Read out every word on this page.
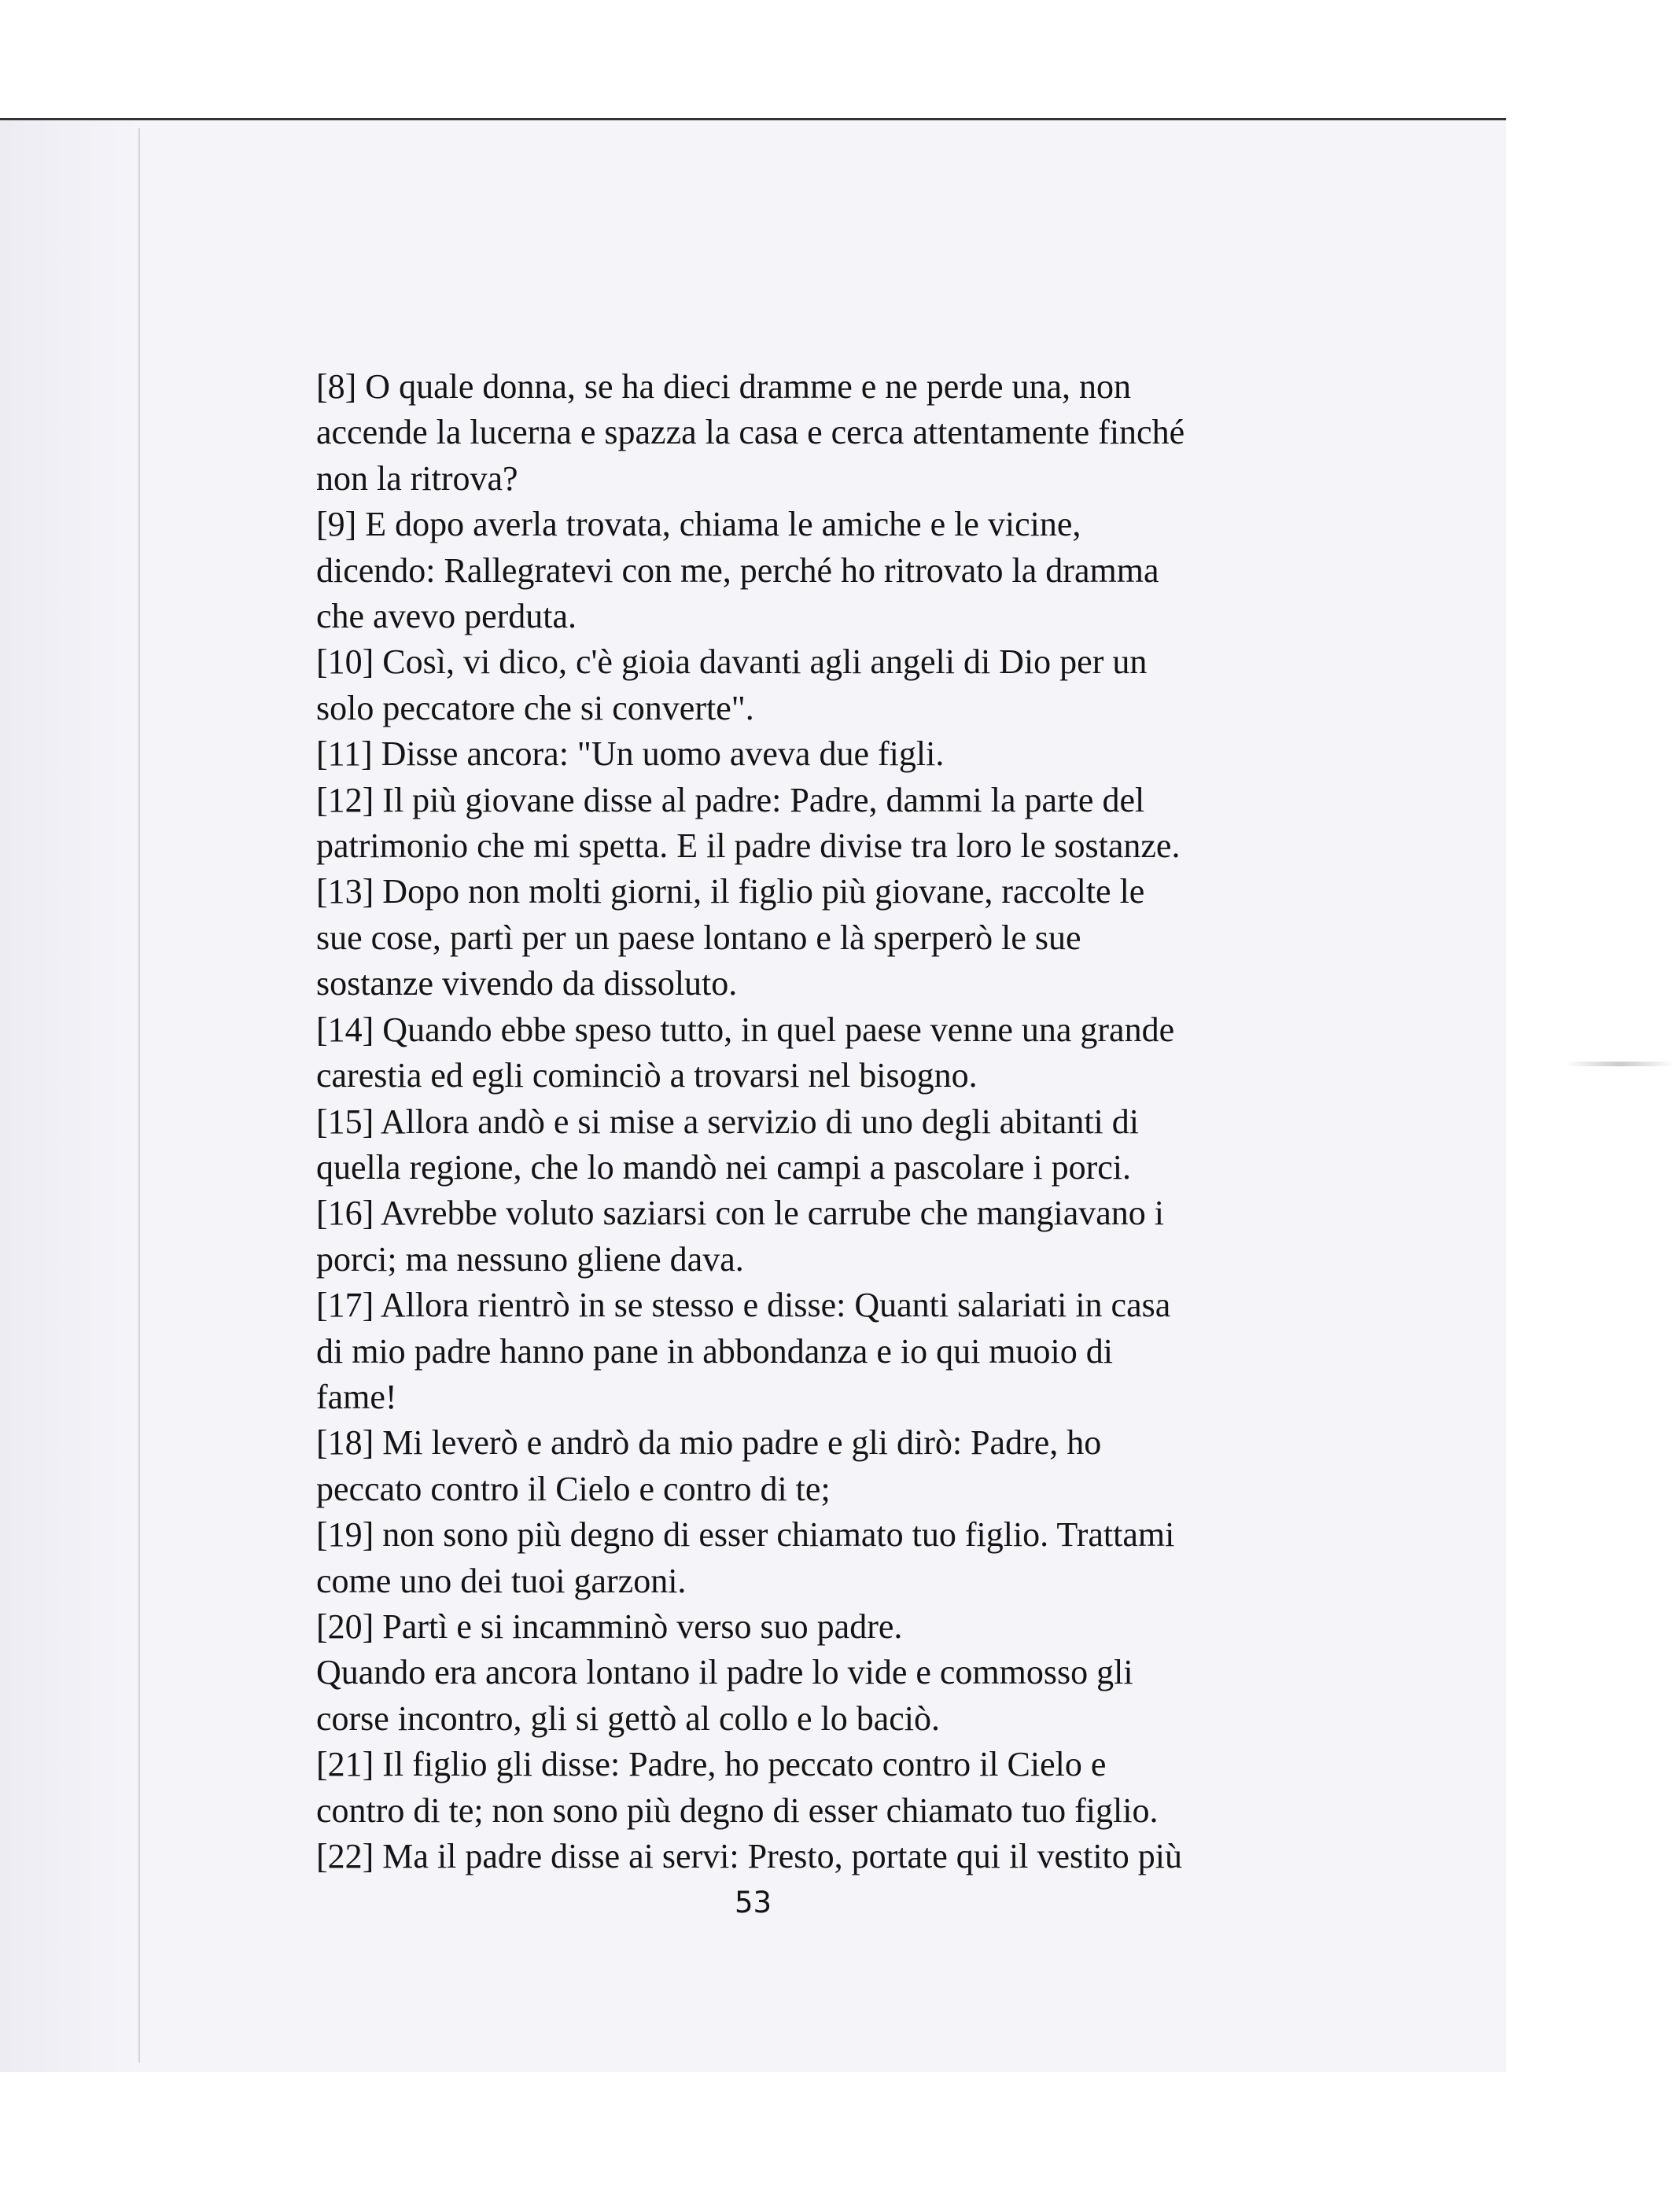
[8] O quale donna, se ha dieci dramme e ne perde una, non

accende la lucerna e spazza la casa e cerca attentamente finché

non la ritrova?

[9] E dopo averla trovata, chiama le amiche e le vicine,

dicendo: Rallegratevi con me, perché ho ritrovato la dramma

che avevo perduta.

[10] Così, vi dico, c'è gioia davanti agli angeli di Dio per un

solo peccatore che si converte".

[11] Disse ancora: "Un uomo aveva due figli.

[12] Il più giovane disse al padre: Padre, dammi la parte del

patrimonio che mi spetta. E il padre divise tra loro le sostanze.

[13] Dopo non molti giorni, il figlio più giovane, raccolte le

sue cose, partì per un paese lontano e là sperperò le sue

sostanze vivendo da dissoluto.

[14] Quando ebbe speso tutto, in quel paese venne una grande

carestia ed egli cominciò a trovarsi nel bisogno.

[15] Allora andò e si mise a servizio di uno degli abitanti di

quella regione, che lo mandò nei campi a pascolare i porci.

[16] Avrebbe voluto saziarsi con le carrube che mangiavano i

porci; ma nessuno gliene dava.

[17] Allora rientrò in se stesso e disse: Quanti salariati in casa

di mio padre hanno pane in abbondanza e io qui muoio di

fame!

[18] Mi leverò e andrò da mio padre e gli dirò: Padre, ho

peccato contro il Cielo e contro di te;

[19] non sono più degno di esser chiamato tuo figlio. Trattami

come uno dei tuoi garzoni.

[20] Partì e si incamminò verso suo padre.

Quando era ancora lontano il padre lo vide e commosso gli

corse incontro, gli si gettò al collo e lo baciò.

[21] Il figlio gli disse: Padre, ho peccato contro il Cielo e

contro di te; non sono più degno di esser chiamato tuo figlio.

[22] Ma il padre disse ai servi: Presto, portate qui il vestito più

53
